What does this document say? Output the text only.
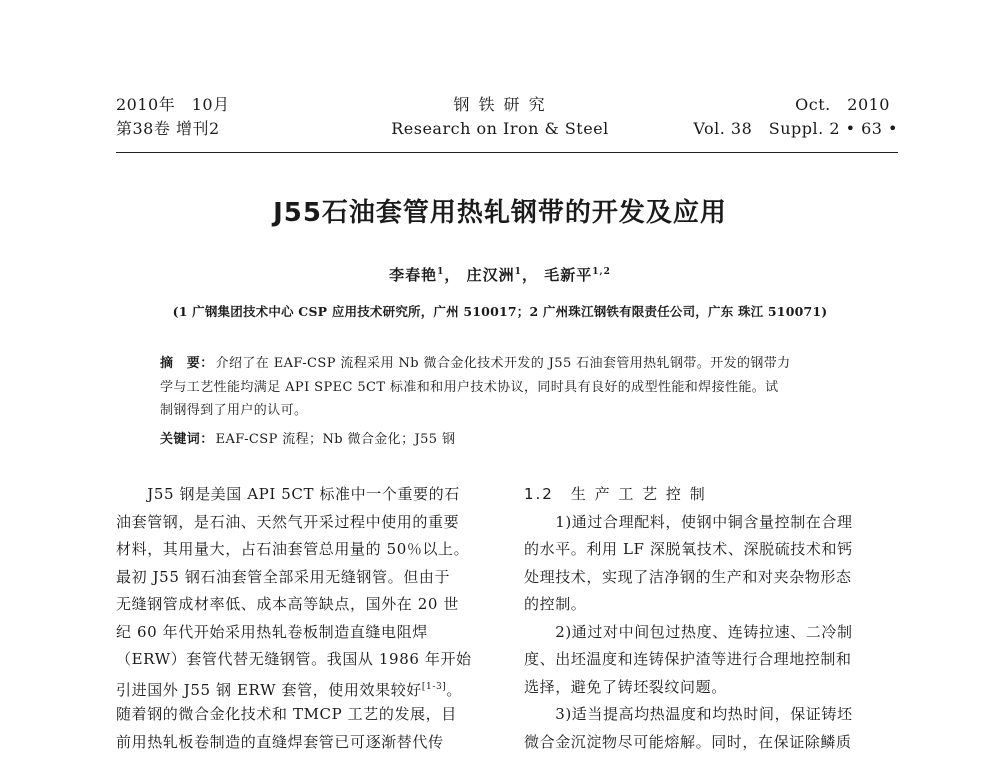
2010年　10月
第38卷 增刊2
钢 铁 研 究
Research on Iron & Steel
Oct.　2010
Vol. 38　Suppl. 2 • 63 •
J55石油套管用热轧钢带的开发及应用
李春艳$^1$， 庄汉洲$^1$， 毛新平$^{1,2}$
(1 广钢集团技术中心 CSP 应用技术研究所，广州 510017；2 广州珠江钢铁有限责任公司，广东 珠江 510071)
摘　要： 介绍了在 EAF-CSP 流程采用 Nb 微合金化技术开发的 J55 石油套管用热轧钢带。开发的钢带力
学与工艺性能均满足 API SPEC 5CT 标准和和用户技术协议，同时具有良好的成型性能和焊接性能。试
制钢得到了用户的认可。
关键词： EAF-CSP 流程；Nb 微合金化；J55 钢
　　J55 钢是美国 API 5CT 标准中一个重要的石
油套管钢，是石油、天然气开采过程中使用的重要
材料，其用量大，占石油套管总用量的 50％以上。
最初 J55 钢石油套管全部采用无缝钢管。但由于
无缝钢管成材率低、成本高等缺点，国外在 20 世
纪 60 年代开始采用热轧卷板制造直缝电阻焊
（ERW）套管代替无缝钢管。我国从 1986 年开始
引进国外 J55 钢 ERW 套管，使用效果较好[1-3]。
随着钢的微合金化技术和 TMCP 工艺的发展，目
前用热轧板卷制造的直缝焊套管已可逐渐替代传
1.2　生 产 工 艺 控 制
　　1)通过合理配料，使钢中铜含量控制在合理
的水平。利用 LF 深脱氧技术、深脱硫技术和钙
处理技术，实现了洁净钢的生产和对夹杂物形态
的控制。
　　2)通过对中间包过热度、连铸拉速、二冷制
度、出坯温度和连铸保护渣等进行合理地控制和
选择，避免了铸坯裂纹问题。
　　3)适当提高均热温度和均热时间，保证铸坯
微合金沉淀物尽可能熔解。同时，在保证除鳞质
